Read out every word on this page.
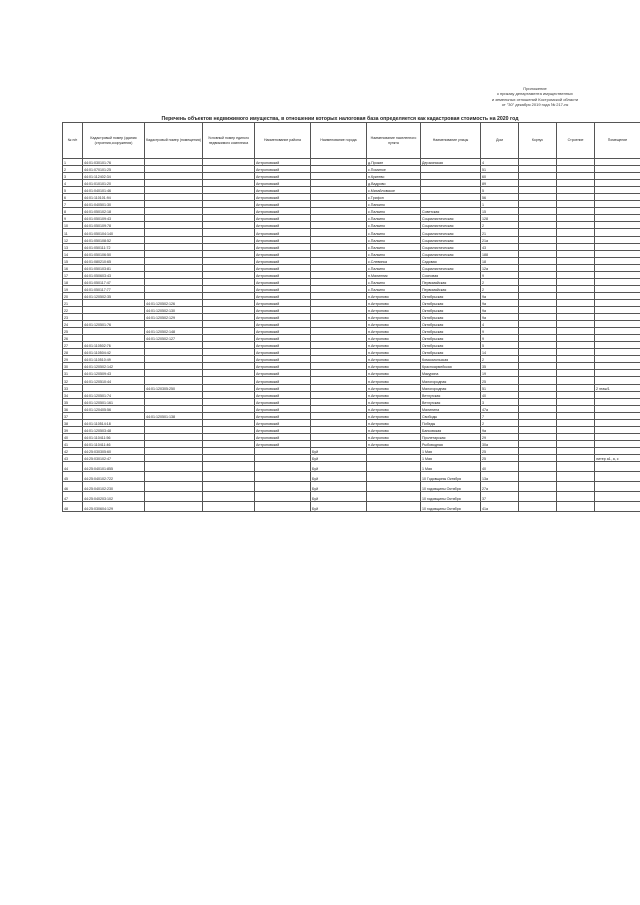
Приложение
к приказу департамента имущественных
и земельных отношений Костромской области
от "30" декабря 2019 года № 217-нк
Перечень объектов недвижимого имущества, в отношении которых налоговая база определяется как кадастровая стоимость на 2020 год
№ п/п	Кадастровый номер (здания (строения,сооружения)	Кадастровый номер (помещения)	Условный номер единого недвижимого комплекса	Наименование района	Наименование города	Наименование населенного пункта	Наименование улицы	Дом	Корпус	Строение	Помещение
1	44:01:030101:76			Антроповский		д.Прокин	Дерзкинская	4			
2	44:01:070101:25			Антроповский		с.Поминое		51			
3	44:01:112402:34			Антроповский		п.Кукеево		60			
4	44:01:010101:20			Антроповский		д.Вадрово		89			
5	44:01:040101:46			Антроповский		с.Михайловское		5			
6	44:01:110101:94			Антроповский		с.Трифон		56			
7	44:01:040501:30			Антроповский		с.Панкино		1			
8	44:01:050102:18			Антроповский		с.Палкино	Советская	15			
9	44:01:050109:43			Антроповский		с.Палкино	Социалистическая	128			
10	44:01:050109:78			Антроповский		с.Палкино	Социалистическая	2			
11	44:01:050104:140			Антроповский		с.Палкино	Социалистическая	21			
12	44:01:050108:52			Антроповский		с.Палкино	Социалистическая	21а			
13	44:01:050111:72			Антроповский		с.Палкино	Социалистическая	43			
14	44:01:050106:50			Антроповский		с.Палкино	Социалистическая	188			
15	44:01:080210:65			Антроповский		с.Слевинка	Садовая	18			
16	44:01:050103:81			Антроповский		с.Палкино	Социалистическая	12а			
17	44:01:050603:43			Антроповский		п.Малинник	Сосновая	9			
18	44:01:050117:47			Антроповский		с.Палкино	Первомайская	2			
19	44:01:050117:77			Антроповский		с.Палкино	Первомайская	2			
20	44:01:120502:35			Антроповский		п.Антропово	Октябрьская	9а			
21		44:01:120502:126		Антроповский		п.Антропово	Октябрьская	9а			
22		44:01:120502:130		Антроповский		п.Антропово	Октябрьская	9а			
23		44:01:120502:129		Антроповский		п.Антропово	Октябрьская	9а			
24	44:01:120501:76			Антроповский		п.Антропово	Октябрьская	4			
25		44:01:120502:148		Антроповский		п.Антропово	Октябрьская	9			
26		44:01:120502:127		Антроповский		п.Антропово	Октябрьская	9			
27	44:01:110502:76			Антроповский		п.Антропово	Октябрьская	5			
28	44:01:110504:42			Антроповский		п.Антропово	Октябрьская	14			
29	44:01:110510:49			Антроповский		п.Антропово	Комсомольская	2			
30	44:01:120502:142			Антроповский		п.Антропово	Красноармейская	35			
31	44:01:120509:43			Антроповский		п.Антропово	Макурина	19			
32	44:01:120510:44			Антроповский		п.Антропово	Малогородная	25			
33		44:01:120305:250		Антроповский		п.Антропово	Малогородная	51			2 этаж/1
34	44:01:120501:74			Антроповский		п.Антропово	Ветлугская	40			
35	44:01:120501:161			Антроповский		п.Антропово	Ветлугская	3			
36	44:01:120405:56			Антроповский		п.Антропово	Малинина	47а			
37		44:01:120501:138		Антроповский		п.Антропово	Свободы	7			
38	44:01:110514:18			Антроповский		п.Антропово	Победы	2			
39	44:01:120503:48			Антроповский		п.Антропово	Банковская	9а			
40	44:01:110411:56			Антроповский		п.Антропово	Пролетарская	29			
41	44:01:110411:46			Антроповский		п.Антропово	Рыбоводная	30а			
42	44:25:030305:60				Буй		1 Мая	25			
43	44:25:030102:47				Буй		1 Мая	25			литер а1, а, с
44	44:25:040101:855				Буй		1 Мая	40			
45	44:25:040102:722				Буй		10 Годовщины Октября	13а			
46	44:25:040102:230				Буй		10 годовщины Октября	27а			
47	44:25:040203:102				Буй		10 годовщины Октября	37			
48	44:25:030604:129				Буй		10 годовщины Октября	41а			
